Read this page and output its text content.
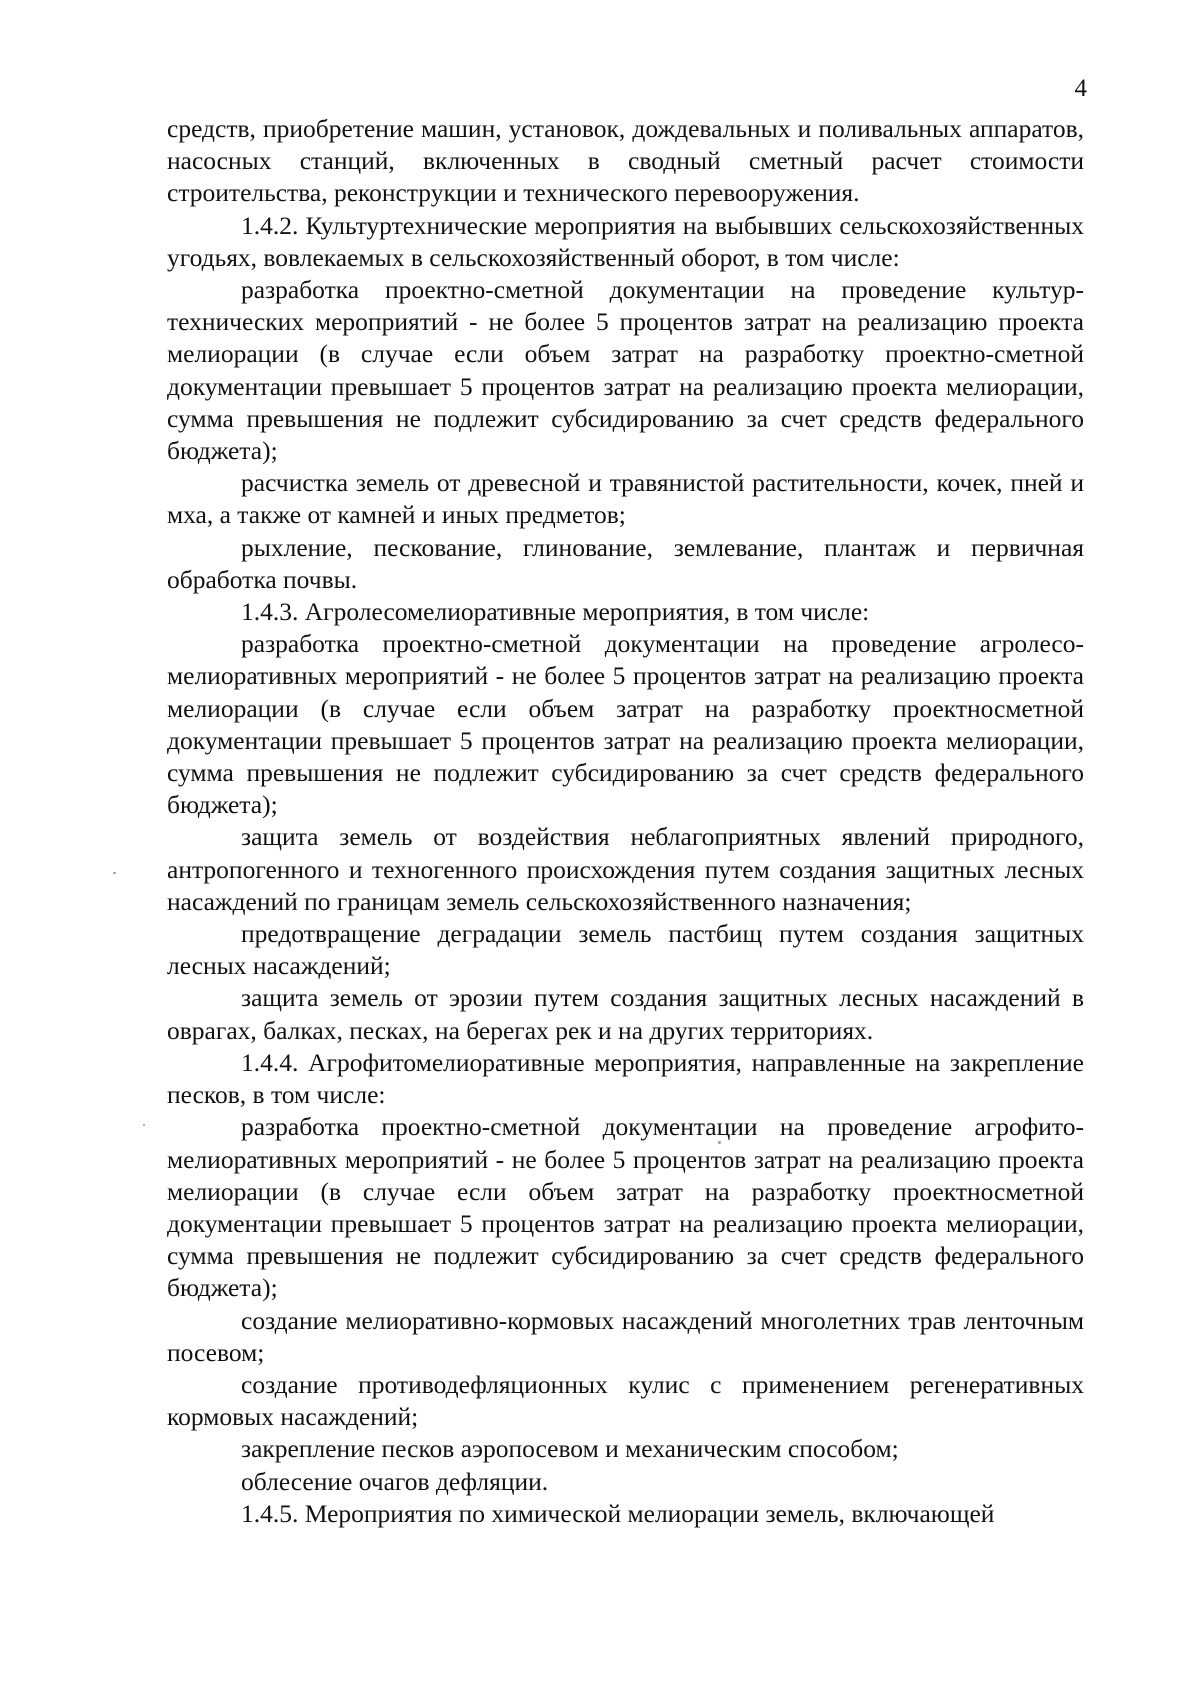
4

средств, приобретение машин, установок, дождевальных и поливальных аппаратов, насосных станций, включенных в сводный сметный расчет стоимости строительства, реконструкции и технического перевооружения.

1.4.2. Культуртехнические мероприятия на выбывших сельскохозяйственных угодьях, вовлекаемых в сельскохозяйственный оборот, в том числе:

разработка проектно-сметной документации на проведение культуртехнических мероприятий - не более 5 процентов затрат на реализацию проекта мелиорации (в случае если объем затрат на разработку проектно-сметной документации превышает 5 процентов затрат на реализацию проекта мелиорации, сумма превышения не подлежит субсидированию за счет средств федерального бюджета);

расчистка земель от древесной и травянистой растительности, кочек, пней и мха, а также от камней и иных предметов;

рыхление, пескование, глинование, землевание, плантаж и первичная обработка почвы.

1.4.3. Агролесомелиоративные мероприятия, в том числе:

разработка проектно-сметной документации на проведение агролесомелиоративных мероприятий - не более 5 процентов затрат на реализацию проекта мелиорации (в случае если объем затрат на разработку проектносметной документации превышает 5 процентов затрат на реализацию проекта мелиорации, сумма превышения не подлежит субсидированию за счет средств федерального бюджета);

защита земель от воздействия неблагоприятных явлений природного, антропогенного и техногенного происхождения путем создания защитных лесных насаждений по границам земель сельскохозяйственного назначения;

предотвращение деградации земель пастбищ путем создания защитных лесных насаждений;

защита земель от эрозии путем создания защитных лесных насаждений в оврагах, балках, песках, на берегах рек и на других территориях.

1.4.4. Агрофитомелиоративные мероприятия, направленные на закрепление песков, в том числе:

разработка проектно-сметной документации на проведение агрофитомелиоративных мероприятий - не более 5 процентов затрат на реализацию проекта мелиорации (в случае если объем затрат на разработку проектносметной документации превышает 5 процентов затрат на реализацию проекта мелиорации, сумма превышения не подлежит субсидированию за счет средств федерального бюджета);

создание мелиоративно-кормовых насаждений многолетних трав ленточным посевом;

создание противодефляционных кулис с применением регенеративных кормовых насаждений;

закрепление песков аэропосевом и механическим способом;

облесение очагов дефляции.

1.4.5. Мероприятия по химической мелиорации земель, включающей
